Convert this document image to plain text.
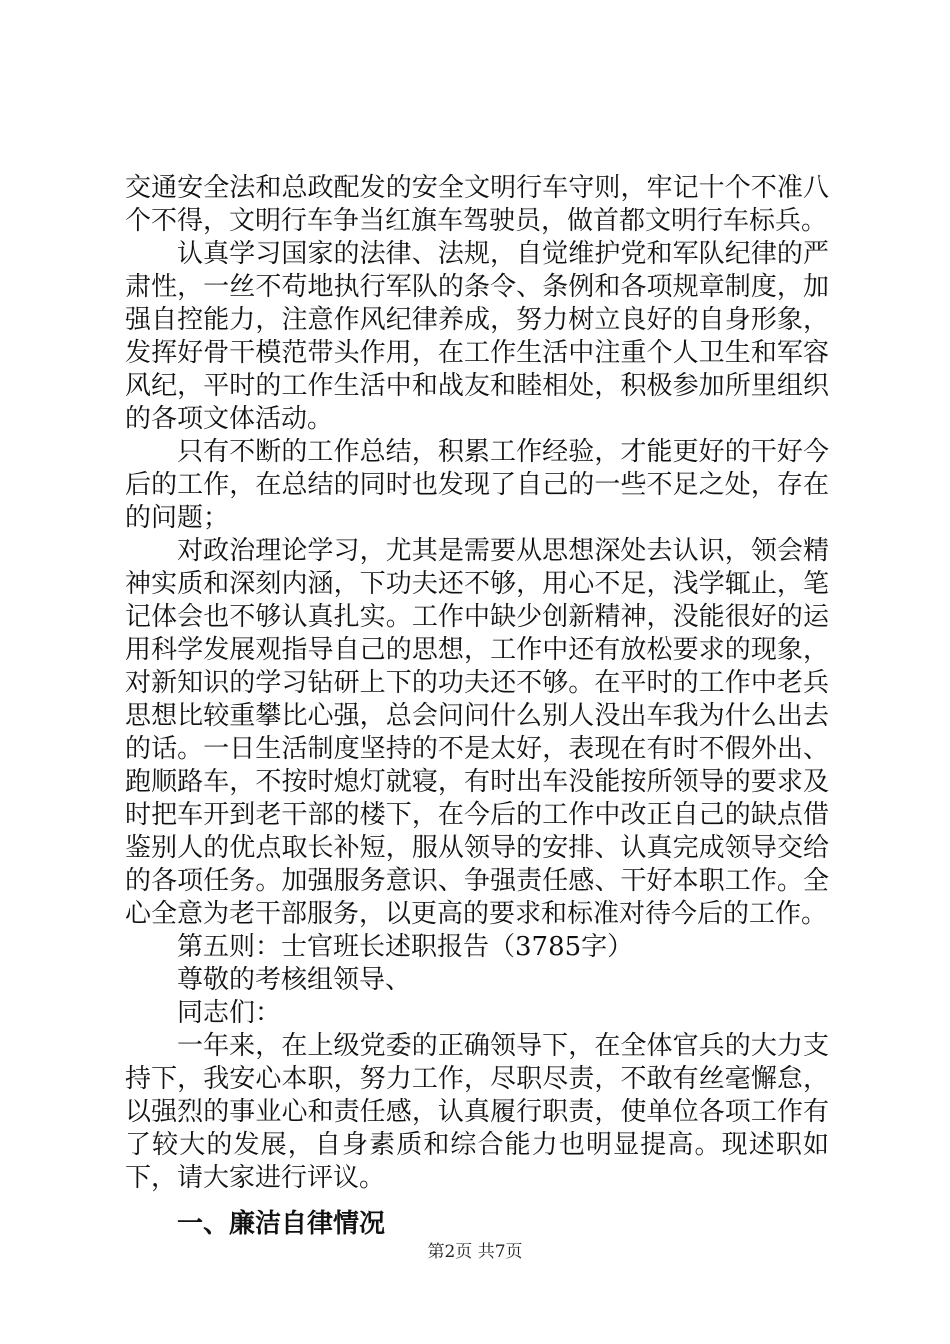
交通安全法和总政配发的安全文明行车守则，牢记十个不准八个不得，文明行车争当红旗车驾驶员，做首都文明行车标兵。

认真学习国家的法律、法规，自觉维护党和军队纪律的严肃性，一丝不苟地执行军队的条令、条例和各项规章制度，加强自控能力，注意作风纪律养成，努力树立良好的自身形象，发挥好骨干模范带头作用，在工作生活中注重个人卫生和军容风纪，平时的工作生活中和战友和睦相处，积极参加所里组织的各项文体活动。

只有不断的工作总结，积累工作经验，才能更好的干好今后的工作，在总结的同时也发现了自己的一些不足之处，存在的问题；

对政治理论学习，尤其是需要从思想深处去认识，领会精神实质和深刻内涵，下功夫还不够，用心不足，浅学辄止，笔记体会也不够认真扎实。工作中缺少创新精神，没能很好的运用科学发展观指导自己的思想，工作中还有放松要求的现象，对新知识的学习钻研上下的功夫还不够。在平时的工作中老兵思想比较重攀比心强，总会问问什么别人没出车我为什么出去的话。一日生活制度坚持的不是太好，表现在有时不假外出、跑顺路车，不按时熄灯就寝，有时出车没能按所领导的要求及时把车开到老干部的楼下，在今后的工作中改正自己的缺点借鉴别人的优点取长补短，服从领导的安排、认真完成领导交给的各项任务。加强服务意识、争强责任感、干好本职工作。全心全意为老干部服务，以更高的要求和标准对待今后的工作。

第五则：士官班长述职报告（3785字）

尊敬的考核组领导、

同志们：

一年来，在上级党委的正确领导下，在全体官兵的大力支持下，我安心本职，努力工作，尽职尽责，不敢有丝毫懈怠，以强烈的事业心和责任感，认真履行职责，使单位各项工作有了较大的发展，自身素质和综合能力也明显提高。现述职如下，请大家进行评议。

一、廉洁自律情况

第2页 共7页
